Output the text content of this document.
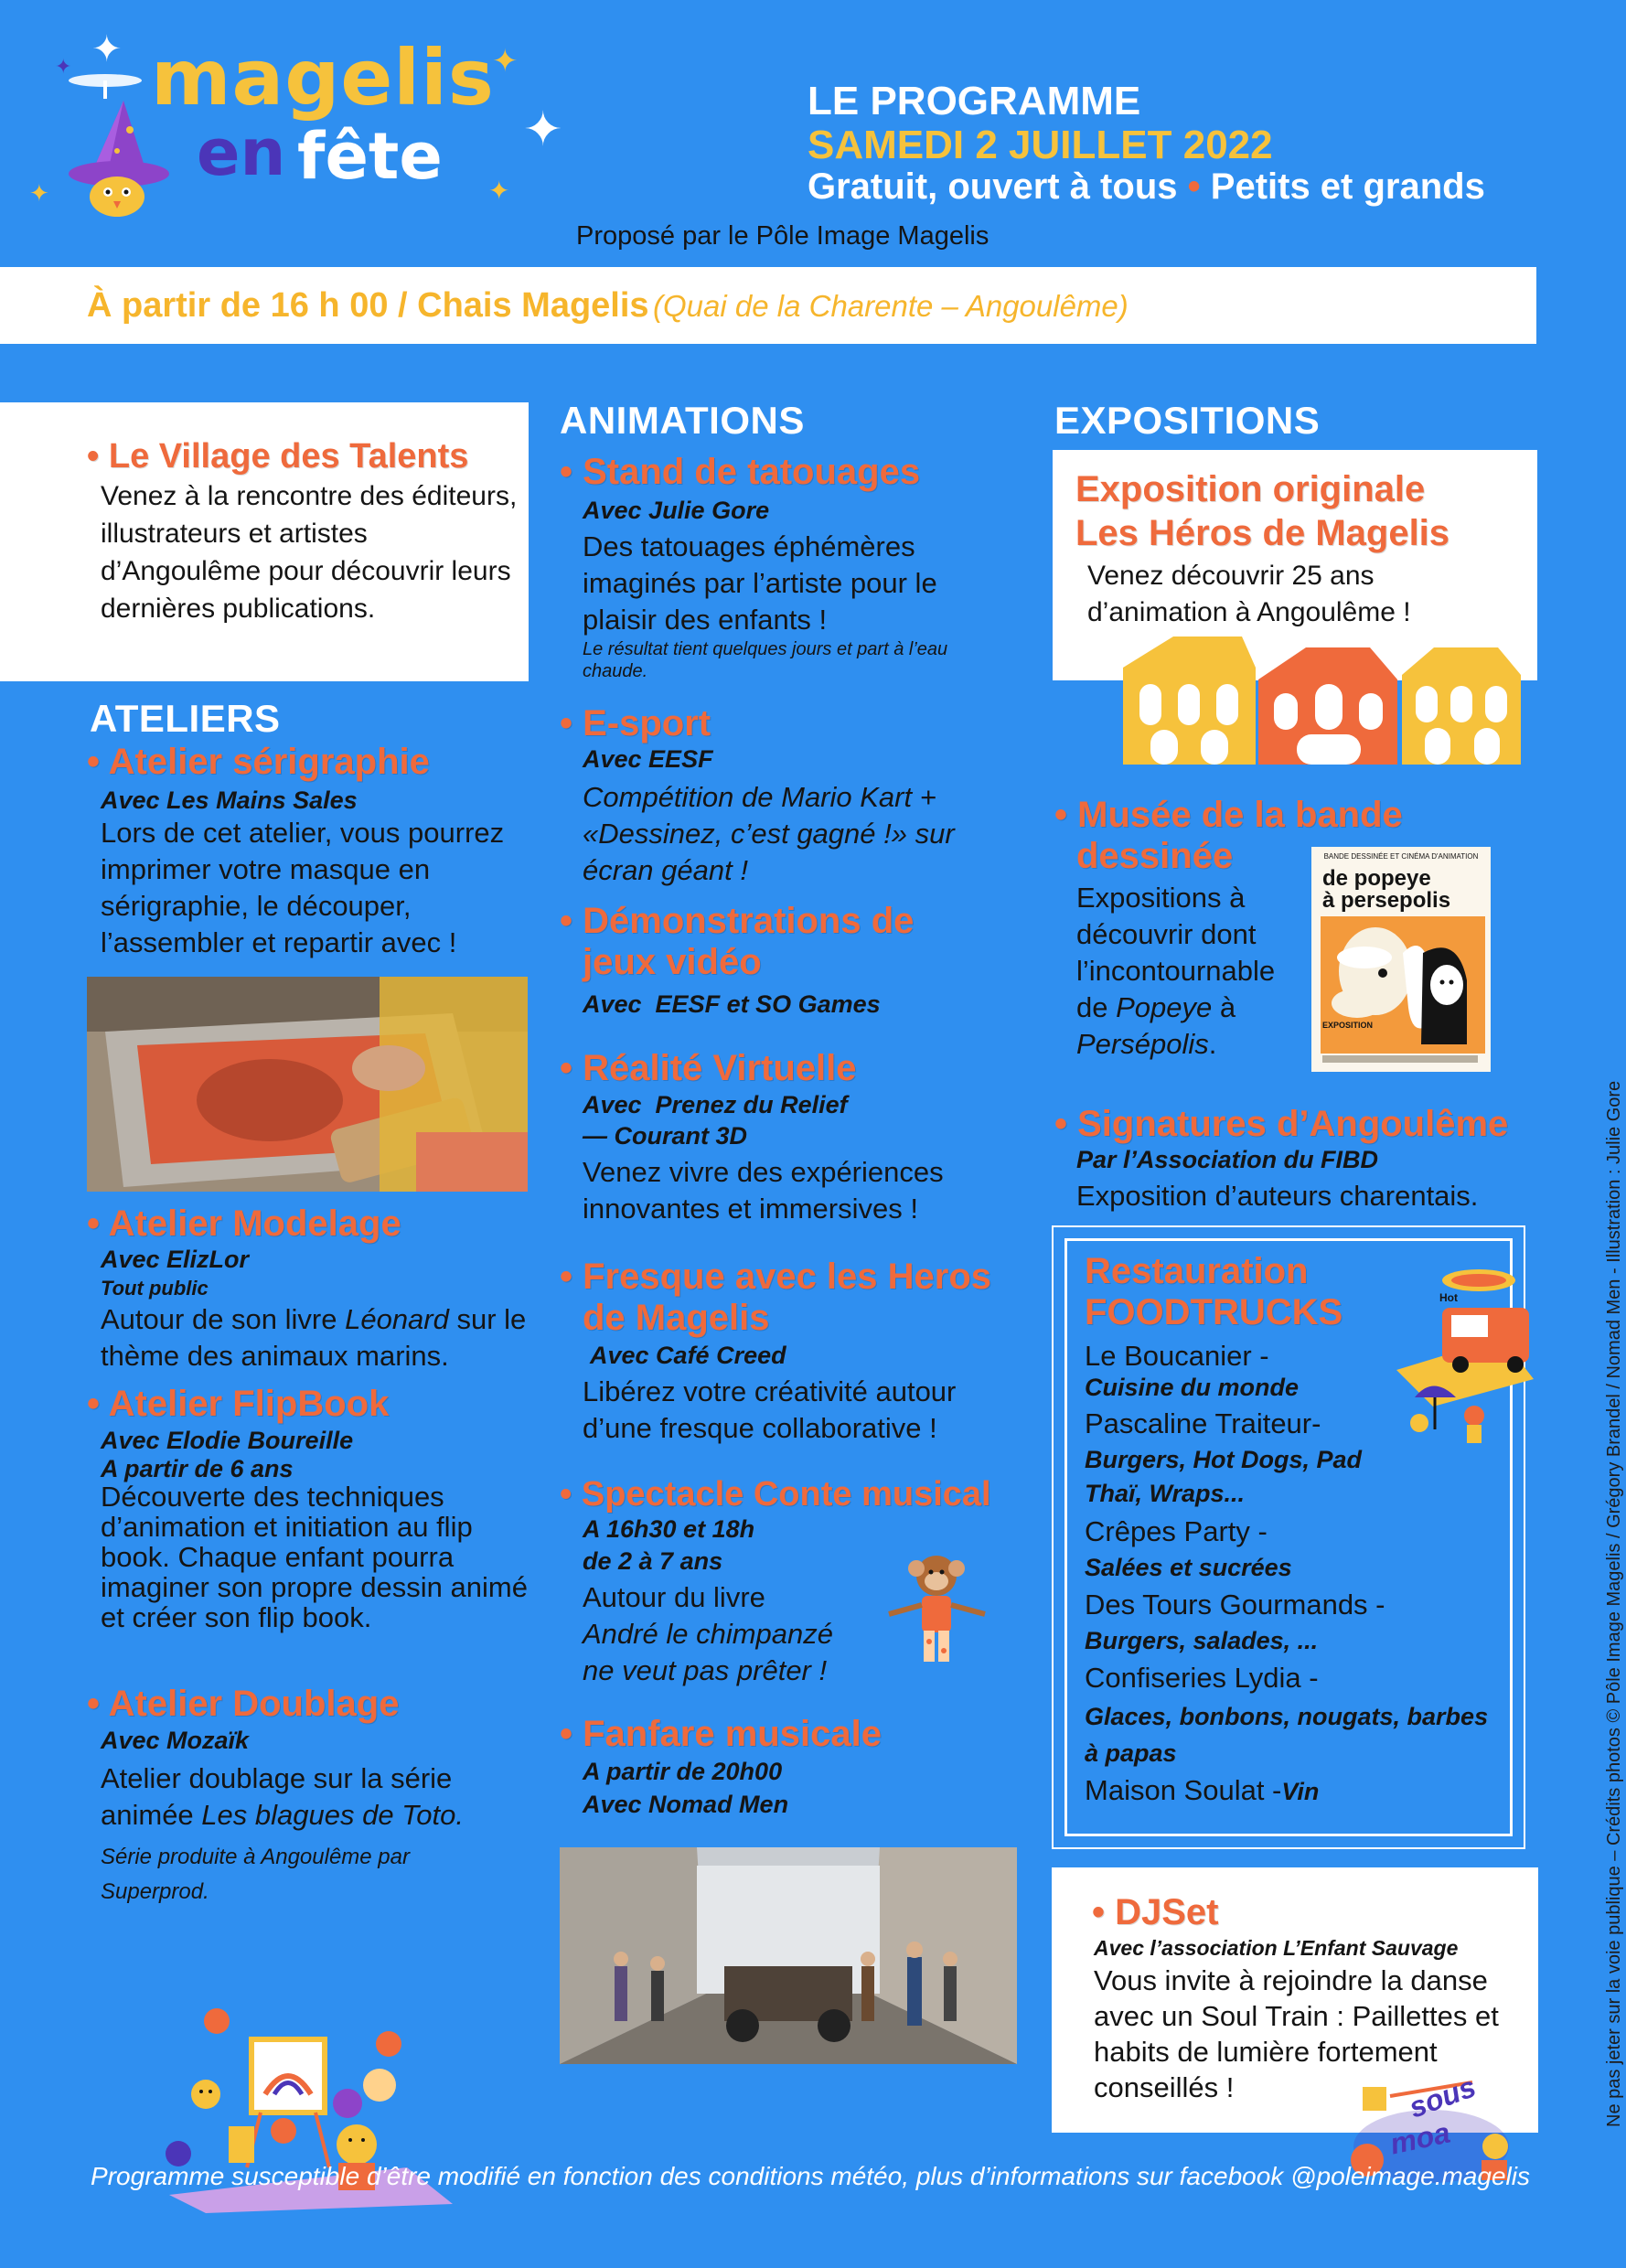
magelis
en fête
✦	✦
✦
✦
✦
✦
LE PROGRAMME
SAMEDI 2 JUILLET 2022
Gratuit, ouvert à tous • Petits et grands
Proposé par le Pôle Image Magelis
À partir de 16 h 00 / Chais Magelis (Quai de la Charente – Angoulême)
• Le Village des Talents
Venez à la rencontre des éditeurs, illustrateurs et artistes d’Angoulême pour découvrir leurs dernières publications.
ATELIERS
• Atelier sérigraphie
Avec Les Mains Sales
Lors de cet atelier, vous pourrez imprimer votre masque en sérigraphie, le découper, l’assembler et repartir avec !
• Atelier Modelage
Avec ElizLor
Tout public
Autour de son livre Léonard sur le thème des animaux marins.
• Atelier FlipBook
Avec Elodie Boureille
A partir de 6 ans
Découverte des techniques d’animation et initiation au flip book. Chaque enfant pourra imaginer son propre dessin animé et créer son flip book.
• Atelier Doublage
Avec Mozaïk
Atelier doublage sur la série animée Les blagues de Toto.
Série produite à Angoulême par Superprod.
ANIMATIONS
• Stand de tatouages
Avec Julie Gore
Des tatouages éphémères imaginés par l’artiste pour le plaisir des enfants !
Le résultat tient quelques jours et part à l’eau chaude.
• E-sport
Avec EESF
Compétition de Mario Kart + «Dessinez, c’est gagné !» sur écran géant !
• Démonstrations de
jeux vidéo
Avec  EESF et SO Games
• Réalité Virtuelle
Avec  Prenez du Relief
— Courant 3D
Venez vivre des expériences innovantes et immersives !
• Fresque avec les Heros
de Magelis
Avec Café Creed
Libérez votre créativité autour d’une fresque collaborative !
• Spectacle Conte musical
A 16h30 et 18h
de 2 à 7 ans
Autour du livre
André le chimpanzé
ne veut pas prêter !
• Fanfare musicale
A partir de 20h00
Avec Nomad Men
EXPOSITIONS
Exposition originale
Les Héros de Magelis
Venez découvrir 25 ans d’animation à Angoulême !
• Musée de la bande
dessinée
Expositions à découvrir dont l’incontournable de Popeye à Persépolis.
BANDE DESSINÉE ET CINÉMA D'ANIMATION
de popeye
à persepolis
EXPOSITION
• Signatures d’Angoulême
Par l’Association du FIBD
Exposition d’auteurs charentais.
Restauration
FOODTRUCKS
Le Boucanier -
Cuisine du monde
Pascaline Traiteur-
Burgers, Hot Dogs, Pad Thaï, Wraps...
Crêpes Party -
Salées et sucrées
Des Tours Gourmands -
Burgers, salades, ...
Confiseries Lydia -
Glaces, bonbons, nougats, barbes à papas
Maison Soulat -Vin
Hot
• DJSet
Avec l’association L’Enfant Sauvage
Vous invite à rejoindre la danse avec un Soul Train : Paillettes et habits de lumière fortement conseillés !	sous
moa
Ne pas jeter sur la voie publique – Crédits photos © Pôle Image Magelis / Grégory Brandel / Nomad Men - Illustration : Julie Gore
Programme susceptible d’être modifié en fonction des conditions météo, plus d’informations sur facebook @poleimage.magelis
